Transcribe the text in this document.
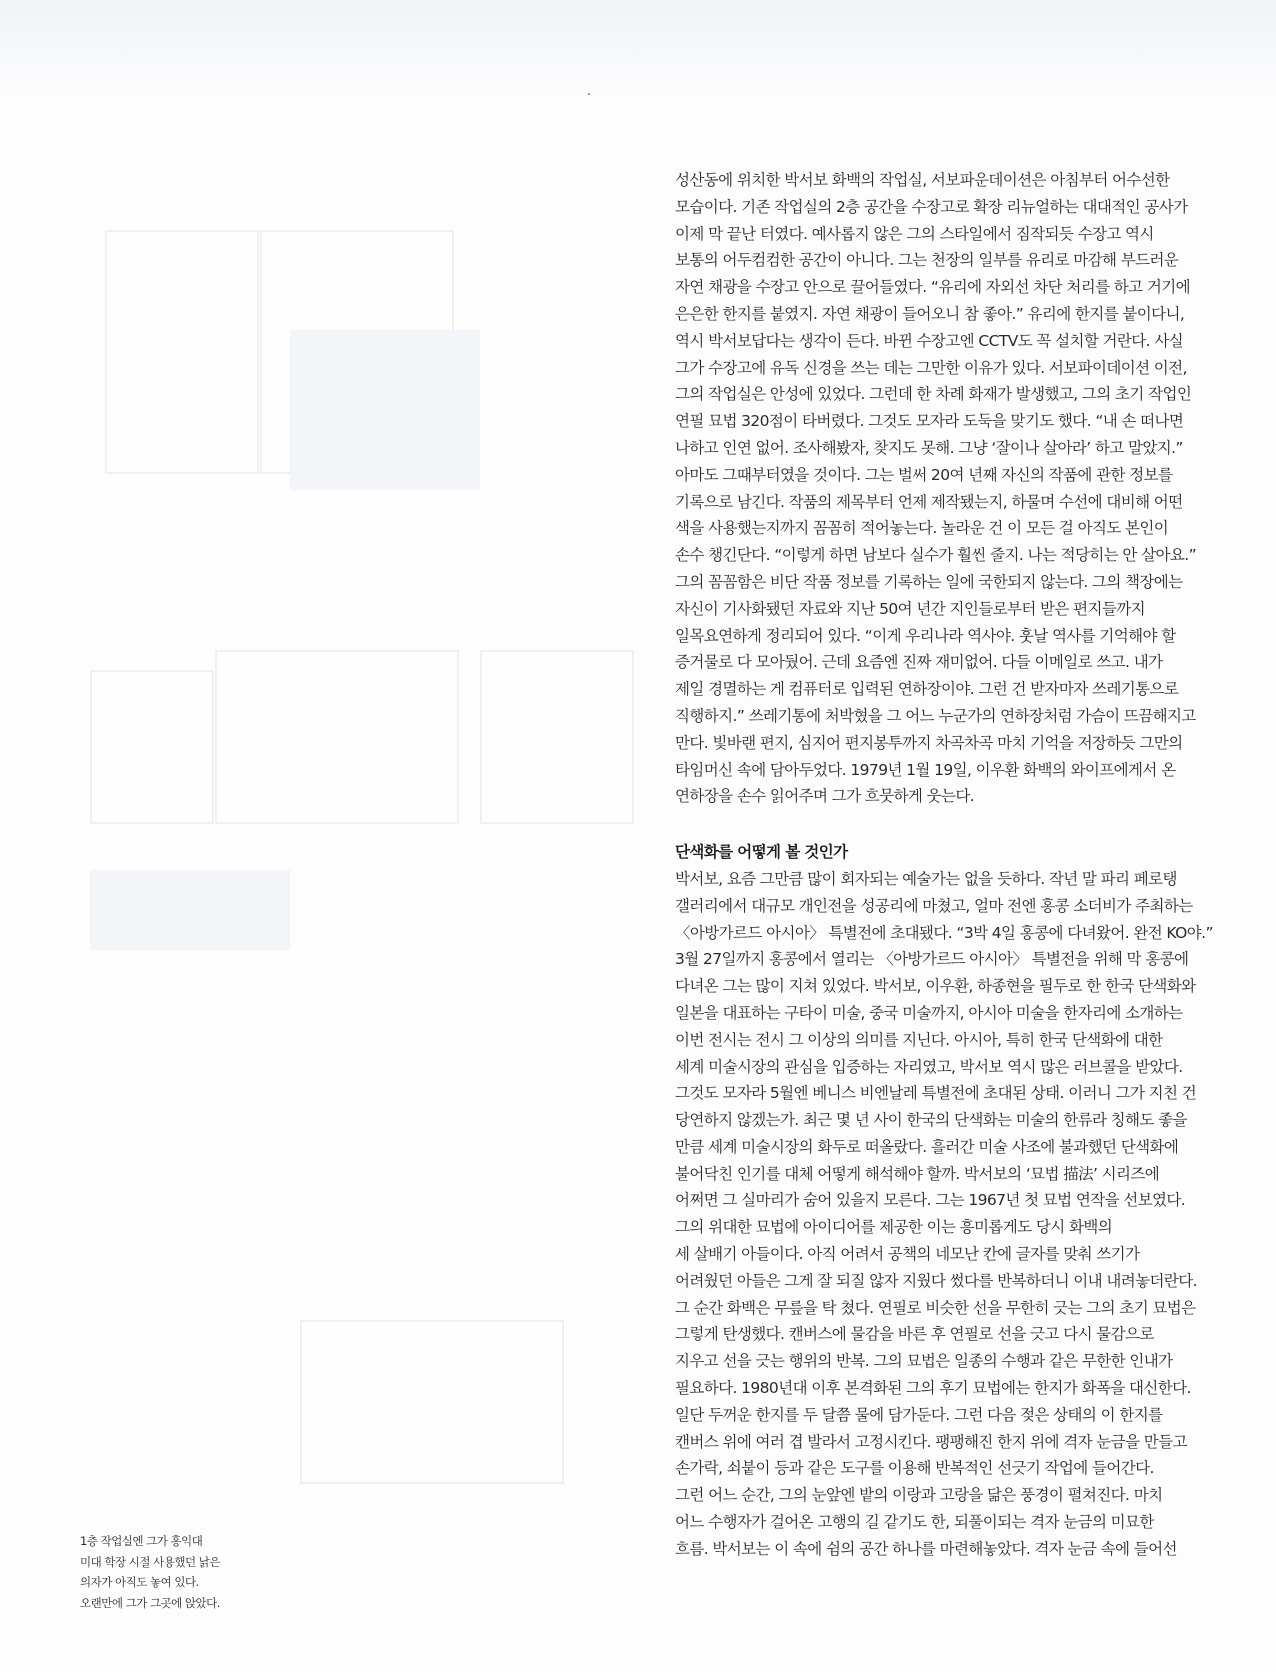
성산동에 위치한 박서보 화백의 작업실, 서보파운데이션은 아침부터 어수선한

모습이다. 기존 작업실의 2층 공간을 수장고로 확장 리뉴얼하는 대대적인 공사가

이제 막 끝난 터였다. 예사롭지 않은 그의 스타일에서 짐작되듯 수장고 역시

보통의 어두컴컴한 공간이 아니다. 그는 천장의 일부를 유리로 마감해 부드러운

자연 채광을 수장고 안으로 끌어들였다. “유리에 자외선 차단 처리를 하고 거기에

은은한 한지를 붙였지. 자연 채광이 들어오니 참 좋아.” 유리에 한지를 붙이다니,

역시 박서보답다는 생각이 든다. 바뀐 수장고엔 CCTV도 꼭 설치할 거란다. 사실

그가 수장고에 유독 신경을 쓰는 데는 그만한 이유가 있다. 서보파이데이션 이전,

그의 작업실은 안성에 있었다. 그런데 한 차례 화재가 발생했고, 그의 초기 작업인

연필 묘법 320점이 타버렸다. 그것도 모자라 도둑을 맞기도 했다. “내 손 떠나면

나하고 인연 없어. 조사해봤자, 찾지도 못해. 그냥 ‘잘이나 살아라’ 하고 말았지.”

아마도 그때부터였을 것이다. 그는 벌써 20여 년째 자신의 작품에 관한 정보를

기록으로 남긴다. 작품의 제목부터 언제 제작됐는지, 하물며 수선에 대비해 어떤

색을 사용했는지까지 꼼꼼히 적어놓는다. 놀라운 건 이 모든 걸 아직도 본인이

손수 챙긴단다. “이렇게 하면 남보다 실수가 훨씬 줄지. 나는 적당히는 안 살아요.”

그의 꼼꼼함은 비단 작품 정보를 기록하는 일에 국한되지 않는다. 그의 책장에는

자신이 기사화됐던 자료와 지난 50여 년간 지인들로부터 받은 편지들까지

일목요연하게 정리되어 있다. “이게 우리나라 역사야. 훗날 역사를 기억해야 할

증거물로 다 모아뒀어. 근데 요즘엔 진짜 재미없어. 다들 이메일로 쓰고. 내가

제일 경멸하는 게 컴퓨터로 입력된 연하장이야. 그런 건 받자마자 쓰레기통으로

직행하지.” 쓰레기통에 처박혔을 그 어느 누군가의 연하장처럼 가슴이 뜨끔해지고

만다. 빛바랜 편지, 심지어 편지봉투까지 차곡차곡 마치 기억을 저장하듯 그만의

타임머신 속에 담아두었다. 1979년 1월 19일, 이우환 화백의 와이프에게서 온

연하장을 손수 읽어주며 그가 흐뭇하게 웃는다.

단색화를 어떻게 볼 것인가

박서보, 요즘 그만큼 많이 회자되는 예술가는 없을 듯하다. 작년 말 파리 페로탱

갤러리에서 대규모 개인전을 성공리에 마쳤고, 얼마 전엔 홍콩 소더비가 주최하는

〈아방가르드 아시아〉 특별전에 초대됐다. “3박 4일 홍콩에 다녀왔어. 완전 KO야.”

3월 27일까지 홍콩에서 열리는 〈아방가르드 아시아〉 특별전을 위해 막 홍콩에

다녀온 그는 많이 지쳐 있었다. 박서보, 이우환, 하종현을 필두로 한 한국 단색화와

일본을 대표하는 구타이 미술, 중국 미술까지, 아시아 미술을 한자리에 소개하는

이번 전시는 전시 그 이상의 의미를 지닌다. 아시아, 특히 한국 단색화에 대한

세계 미술시장의 관심을 입증하는 자리였고, 박서보 역시 많은 러브콜을 받았다.

그것도 모자라 5월엔 베니스 비엔날레 특별전에 초대된 상태. 이러니 그가 지친 건

당연하지 않겠는가. 최근 몇 년 사이 한국의 단색화는 미술의 한류라 칭해도 좋을

만큼 세계 미술시장의 화두로 떠올랐다. 흘러간 미술 사조에 불과했던 단색화에

불어닥친 인기를 대체 어떻게 해석해야 할까. 박서보의 ‘묘법 描法’ 시리즈에

어쩌면 그 실마리가 숨어 있을지 모른다. 그는 1967년 첫 묘법 연작을 선보였다.

그의 위대한 묘법에 아이디어를 제공한 이는 흥미롭게도 당시 화백의

세 살배기 아들이다. 아직 어려서 공책의 네모난 칸에 글자를 맞춰 쓰기가

어려웠던 아들은 그게 잘 되질 않자 지웠다 썼다를 반복하더니 이내 내려놓더란다.

그 순간 화백은 무릎을 탁 쳤다. 연필로 비슷한 선을 무한히 긋는 그의 초기 묘법은

그렇게 탄생했다. 캔버스에 물감을 바른 후 연필로 선을 긋고 다시 물감으로

지우고 선을 긋는 행위의 반복. 그의 묘법은 일종의 수행과 같은 무한한 인내가

필요하다. 1980년대 이후 본격화된 그의 후기 묘법에는 한지가 화폭을 대신한다.

일단 두꺼운 한지를 두 달쯤 물에 담가둔다. 그런 다음 젖은 상태의 이 한지를

캔버스 위에 여러 겹 발라서 고정시킨다. 팽팽해진 한지 위에 격자 눈금을 만들고

손가락, 쇠붙이 등과 같은 도구를 이용해 반복적인 선긋기 작업에 들어간다.

그런 어느 순간, 그의 눈앞엔 밭의 이랑과 고랑을 닮은 풍경이 펼쳐진다. 마치

어느 수행자가 걸어온 고행의 길 같기도 한, 되풀이되는 격자 눈금의 미묘한

흐름. 박서보는 이 속에 쉼의 공간 하나를 마련해놓았다. 격자 눈금 속에 들어선

1층 작업실엔 그가 홍익대

미대 학장 시절 사용했던 낡은

의자가 아직도 놓여 있다.

오랜만에 그가 그곳에 앉았다.
